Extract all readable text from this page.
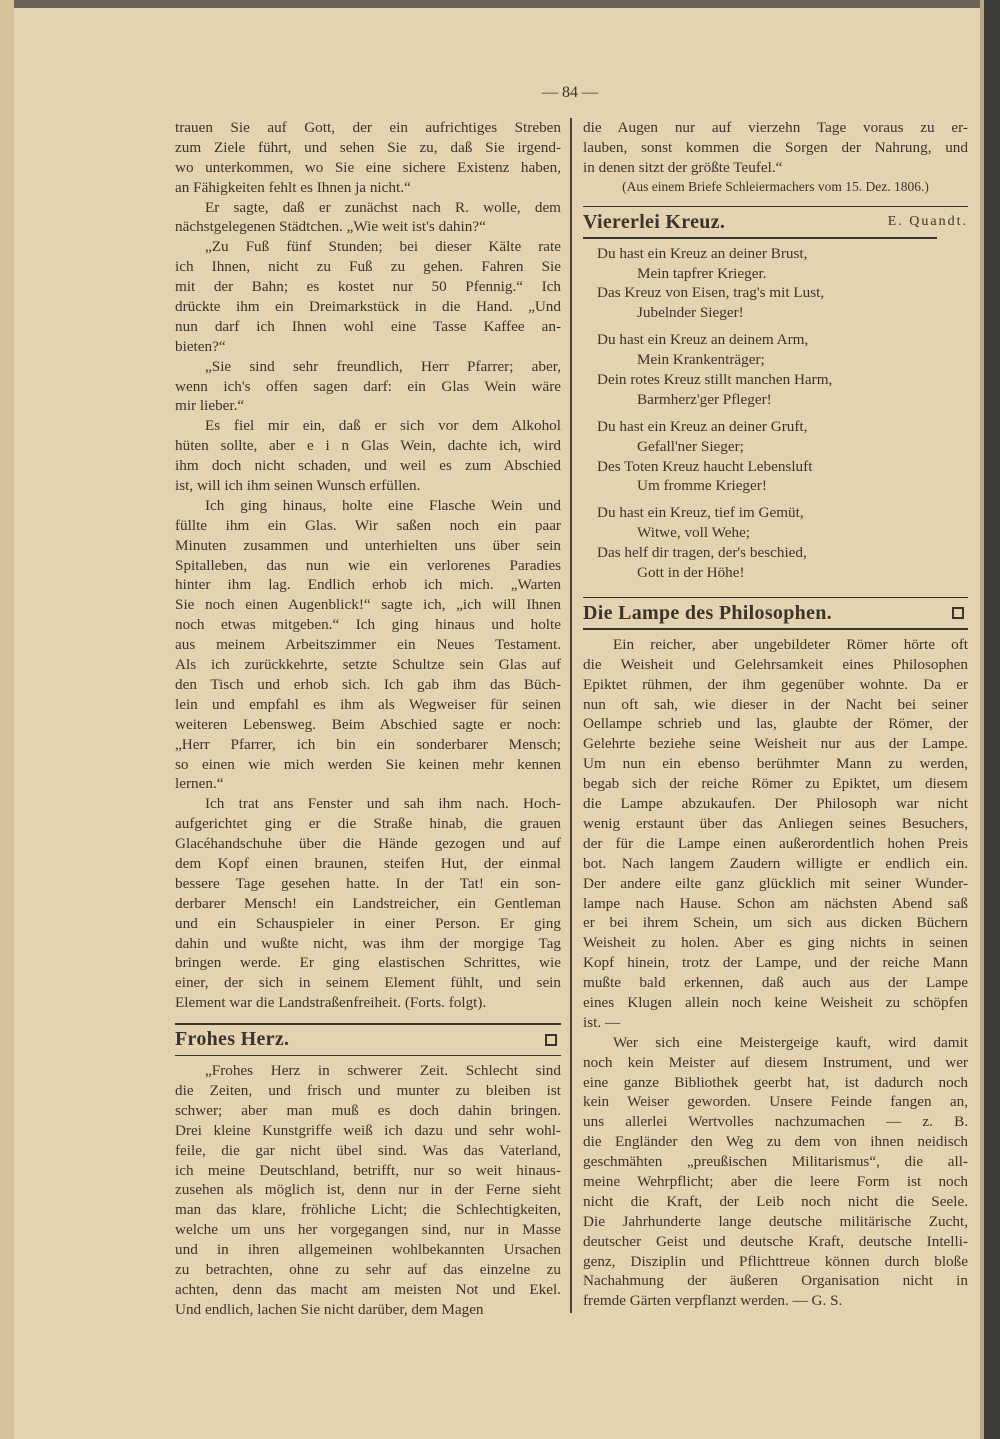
— 84 —
trauen Sie auf Gott, der ein aufrichtiges Streben
zum Ziele führt, und sehen Sie zu, daß Sie irgend-
wo unterkommen, wo Sie eine sichere Existenz haben,
an Fähigkeiten fehlt es Ihnen ja nicht.“
Er sagte, daß er zunächst nach R. wolle, dem
nächstgelegenen Städtchen. „Wie weit ist's dahin?“
„Zu Fuß fünf Stunden; bei dieser Kälte rate
ich Ihnen, nicht zu Fuß zu gehen. Fahren Sie
mit der Bahn; es kostet nur 50 Pfennig.“ Ich
drückte ihm ein Dreimarkstück in die Hand. „Und
nun darf ich Ihnen wohl eine Tasse Kaffee an-
bieten?“
„Sie sind sehr freundlich, Herr Pfarrer; aber,
wenn ich's offen sagen darf: ein Glas Wein wäre
mir lieber.“
Es fiel mir ein, daß er sich vor dem Alkohol
hüten sollte, aber e i n Glas Wein, dachte ich, wird
ihm doch nicht schaden, und weil es zum Abschied
ist, will ich ihm seinen Wunsch erfüllen.
Ich ging hinaus, holte eine Flasche Wein und
füllte ihm ein Glas. Wir saßen noch ein paar
Minuten zusammen und unterhielten uns über sein
Spitalleben, das nun wie ein verlorenes Paradies
hinter ihm lag. Endlich erhob ich mich. „Warten
Sie noch einen Augenblick!“ sagte ich, „ich will Ihnen
noch etwas mitgeben.“ Ich ging hinaus und holte
aus meinem Arbeitszimmer ein Neues Testament.
Als ich zurückkehrte, setzte Schultze sein Glas auf
den Tisch und erhob sich. Ich gab ihm das Büch-
lein und empfahl es ihm als Wegweiser für seinen
weiteren Lebensweg. Beim Abschied sagte er noch:
„Herr Pfarrer, ich bin ein sonderbarer Mensch;
so einen wie mich werden Sie keinen mehr kennen
lernen.“
Ich trat ans Fenster und sah ihm nach. Hoch-
aufgerichtet ging er die Straße hinab, die grauen
Glacéhandschuhe über die Hände gezogen und auf
dem Kopf einen braunen, steifen Hut, der einmal
bessere Tage gesehen hatte. In der Tat! ein son-
derbarer Mensch! ein Landstreicher, ein Gentleman
und ein Schauspieler in einer Person. Er ging
dahin und wußte nicht, was ihm der morgige Tag
bringen werde. Er ging elastischen Schrittes, wie
einer, der sich in seinem Element fühlt, und sein
Element war die Landstraßenfreiheit. (Forts. folgt).
Frohes Herz.
„Frohes Herz in schwerer Zeit. Schlecht sind
die Zeiten, und frisch und munter zu bleiben ist
schwer; aber man muß es doch dahin bringen.
Drei kleine Kunstgriffe weiß ich dazu und sehr wohl-
feile, die gar nicht übel sind. Was das Vaterland,
ich meine Deutschland, betrifft, nur so weit hinaus-
zusehen als möglich ist, denn nur in der Ferne sieht
man das klare, fröhliche Licht; die Schlechtigkeiten,
welche um uns her vorgegangen sind, nur in Masse
und in ihren allgemeinen wohlbekannten Ursachen
zu betrachten, ohne zu sehr auf das einzelne zu
achten, denn das macht am meisten Not und Ekel.
Und endlich, lachen Sie nicht darüber, dem Magen
die Augen nur auf vierzehn Tage voraus zu er-
lauben, sonst kommen die Sorgen der Nahrung, und
in denen sitzt der größte Teufel.“
(Aus einem Briefe Schleiermachers vom 15. Dez. 1806.)
Viererlei Kreuz.	E. Quandt.
Du hast ein Kreuz an deiner Brust,
Mein tapfrer Krieger.
Das Kreuz von Eisen, trag's mit Lust,
Jubelnder Sieger!
Du hast ein Kreuz an deinem Arm,
Mein Krankenträger;
Dein rotes Kreuz stillt manchen Harm,
Barmherz'ger Pfleger!
Du hast ein Kreuz an deiner Gruft,
Gefall'ner Sieger;
Des Toten Kreuz haucht Lebensluft
Um fromme Krieger!
Du hast ein Kreuz, tief im Gemüt,
Witwe, voll Wehe;
Das helf dir tragen, der's beschied,
Gott in der Höhe!
Die Lampe des Philosophen.
Ein reicher, aber ungebildeter Römer hörte oft
die Weisheit und Gelehrsamkeit eines Philosophen
Epiktet rühmen, der ihm gegenüber wohnte. Da er
nun oft sah, wie dieser in der Nacht bei seiner
Oellampe schrieb und las, glaubte der Römer, der
Gelehrte beziehe seine Weisheit nur aus der Lampe.
Um nun ein ebenso berühmter Mann zu werden,
begab sich der reiche Römer zu Epiktet, um diesem
die Lampe abzukaufen. Der Philosoph war nicht
wenig erstaunt über das Anliegen seines Besuchers,
der für die Lampe einen außerordentlich hohen Preis
bot. Nach langem Zaudern willigte er endlich ein.
Der andere eilte ganz glücklich mit seiner Wunder-
lampe nach Hause. Schon am nächsten Abend saß
er bei ihrem Schein, um sich aus dicken Büchern
Weisheit zu holen. Aber es ging nichts in seinen
Kopf hinein, trotz der Lampe, und der reiche Mann
mußte bald erkennen, daß auch aus der Lampe
eines Klugen allein noch keine Weisheit zu schöpfen
ist. —
Wer sich eine Meistergeige kauft, wird damit
noch kein Meister auf diesem Instrument, und wer
eine ganze Bibliothek geerbt hat, ist dadurch noch
kein Weiser geworden. Unsere Feinde fangen an,
uns allerlei Wertvolles nachzumachen — z. B.
die Engländer den Weg zu dem von ihnen neidisch
geschmähten „preußischen Militarismus“, die all-
meine Wehrpflicht; aber die leere Form ist noch
nicht die Kraft, der Leib noch nicht die Seele.
Die Jahrhunderte lange deutsche militärische Zucht,
deutscher Geist und deutsche Kraft, deutsche Intelli-
genz, Disziplin und Pflichttreue können durch bloße
Nachahmung der äußeren Organisation nicht in
fremde Gärten verpflanzt werden. — G. S.
